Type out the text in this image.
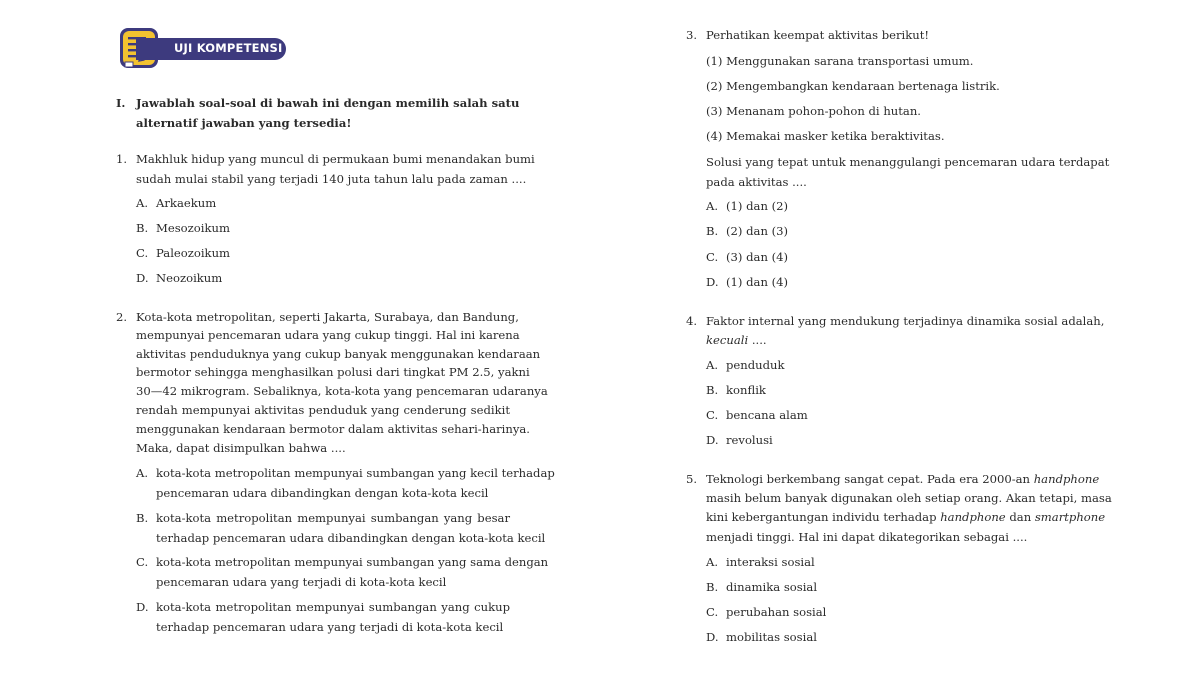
UJI KOMPETENSI
I. Jawablah soal-soal di bawah ini dengan memilih salah satu
alternatif jawaban yang tersedia!
1. Makhluk hidup yang muncul di permukaan bumi menandakan bumi
sudah mulai stabil yang terjadi 140 juta tahun lalu pada zaman ....
A. Arkaekum
B. Mesozoikum
C. Paleozoikum
D. Neozoikum
2. Kota-kota metropolitan, seperti Jakarta, Surabaya, dan Bandung,
mempunyai pencemaran udara yang cukup tinggi. Hal ini karena
aktivitas penduduknya yang cukup banyak menggunakan kendaraan
bermotor sehingga menghasilkan polusi dari tingkat PM 2.5, yakni
30—42 mikrogram. Sebaliknya, kota-kota yang pencemaran udaranya
rendah mempunyai aktivitas penduduk yang cenderung sedikit
menggunakan kendaraan bermotor dalam aktivitas sehari-harinya.
Maka, dapat disimpulkan bahwa ....
A. kota-kota metropolitan mempunyai sumbangan yang kecil terhadap
pencemaran udara dibandingkan dengan kota-kota kecil
B. kota-kota metropolitan mempunyai sumbangan yang besar
terhadap pencemaran udara dibandingkan dengan kota-kota kecil
C. kota-kota metropolitan mempunyai sumbangan yang sama dengan
pencemaran udara yang terjadi di kota-kota kecil
D. kota-kota metropolitan mempunyai sumbangan yang cukup
terhadap pencemaran udara yang terjadi di kota-kota kecil
3. Perhatikan keempat aktivitas berikut!
(1) Menggunakan sarana transportasi umum.
(2) Mengembangkan kendaraan bertenaga listrik.
(3) Menanam pohon-pohon di hutan.
(4) Memakai masker ketika beraktivitas.
Solusi yang tepat untuk menanggulangi pencemaran udara terdapat
pada aktivitas ....
A. (1) dan (2)
B. (2) dan (3)
C. (3) dan (4)
D. (1) dan (4)
4. Faktor internal yang mendukung terjadinya dinamika sosial adalah,
kecuali ....
A. penduduk
B. konflik
C. bencana alam
D. revolusi
5. Teknologi berkembang sangat cepat. Pada era 2000-an handphone
masih belum banyak digunakan oleh setiap orang. Akan tetapi, masa
kini kebergantungan individu terhadap handphone dan smartphone
menjadi tinggi. Hal ini dapat dikategorikan sebagai ....
A. interaksi sosial
B. dinamika sosial
C. perubahan sosial
D. mobilitas sosial
